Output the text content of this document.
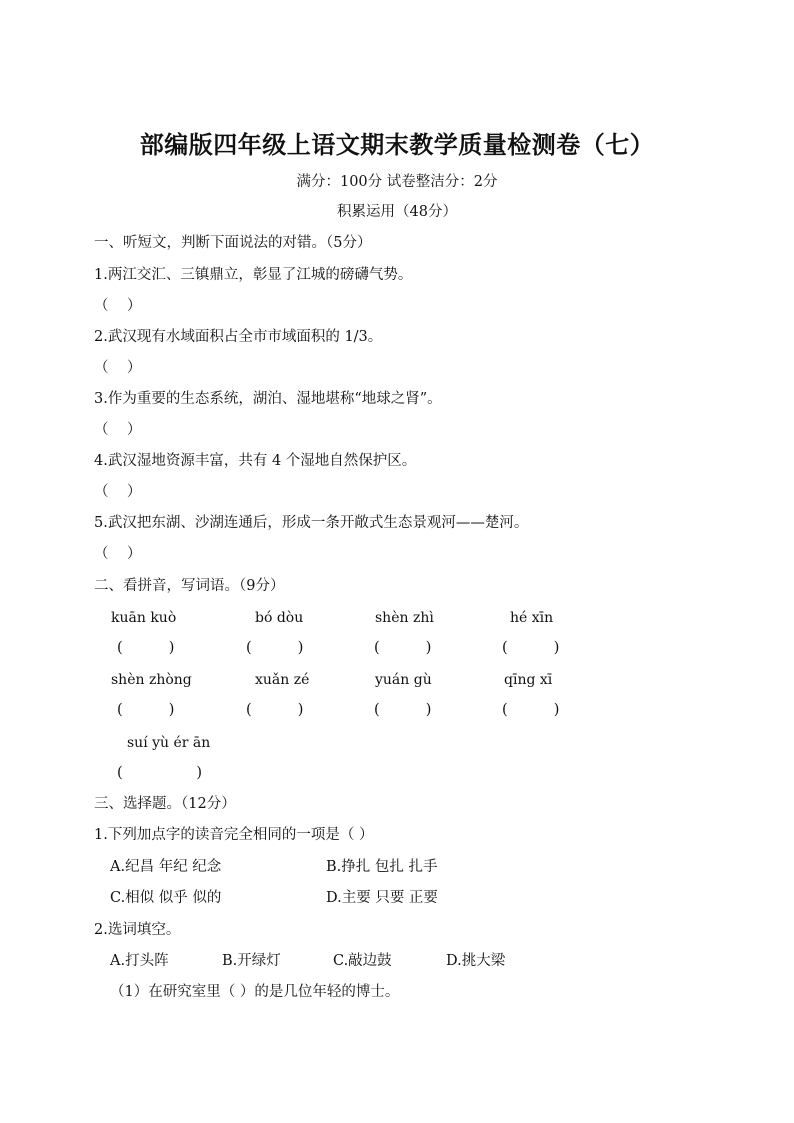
部编版四年级上语文期末教学质量检测卷（七）
满分：100分 试卷整洁分：2分
积累运用（48分）
一、听短文，判断下面说法的对错。（5分）
1.两江交汇、三镇鼎立，彰显了江城的磅礴气势。
（    ）
2.武汉现有水域面积占全市市域面积的 1/3。
（    ）
3.作为重要的生态系统，湖泊、湿地堪称“地球之肾”。
（    ）
4.武汉湿地资源丰富，共有 4 个湿地自然保护区。
（    ）
5.武汉把东湖、沙湖连通后，形成一条开敞式生态景观河——楚河。
（    ）
二、看拼音，写词语。（9分）
kuān kuò	bó dòu	shèn zhì	hé xīn
(          )	(          )	(          )	(          )
shèn zhòng	xuǎn zé	yuán gù	qīng xī
(          )	(          )	(          )	(          )
suí yù ér ān
(                )
三、选择题。（12分）
1.下列加点字的读音完全相同的一项是（ ）
A.纪昌 年纪 纪念	B.挣扎 包扎 扎手
C.相似 似乎 似的	D.主要 只要 正要
2.选词填空。
A.打头阵	B.开绿灯	C.敲边鼓	D.挑大梁
（1）在研究室里（ ）的是几位年轻的博士。
